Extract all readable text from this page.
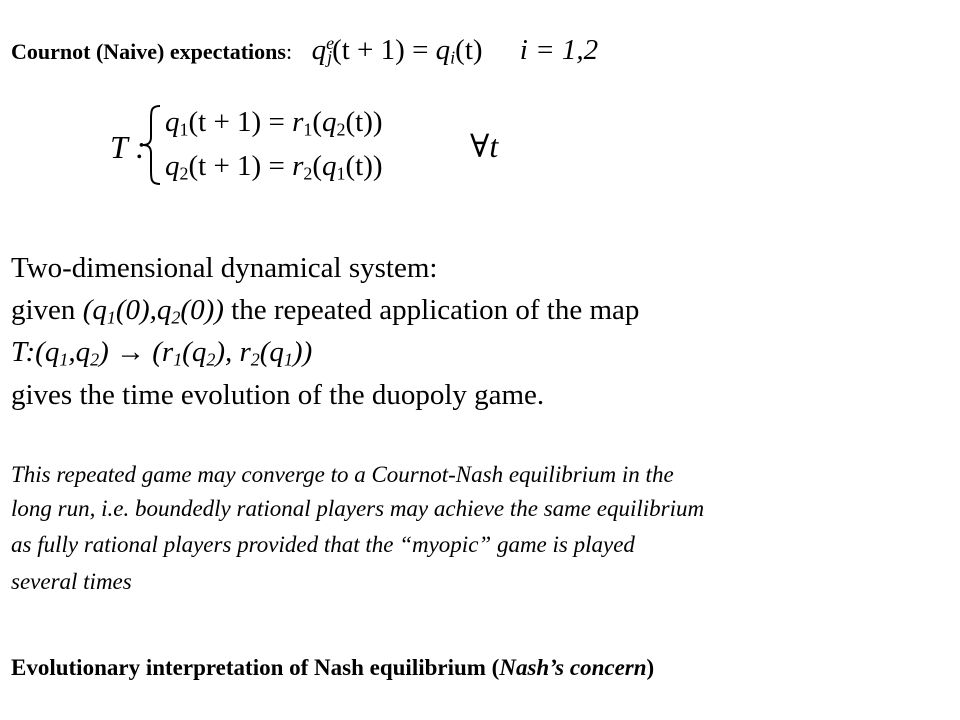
Cournot (Naive) expectations: $q^e_j(t + 1) = q_i(t) i = 1,2$
T :
$q_1(t + 1) = r_1(q_2(t))$
$q_2(t + 1) = r_2(q_1(t))$
∀t
Two-dimensional dynamical system:
given $(q_1(0),q_2(0))$ the repeated application of the map
$T:(q_1,q_2) \to (r_1(q_2)$, $r_2(q_1)$)
gives the time evolution of the duopoly game.
This repeated game may converge to a Cournot-Nash equilibrium in the
long run, i.e. boundedly rational players may achieve the same equilibrium
as fully rational players provided that the “myopic” game is played
several times
Evolutionary interpretation of Nash equilibrium (Nash’s concern)
